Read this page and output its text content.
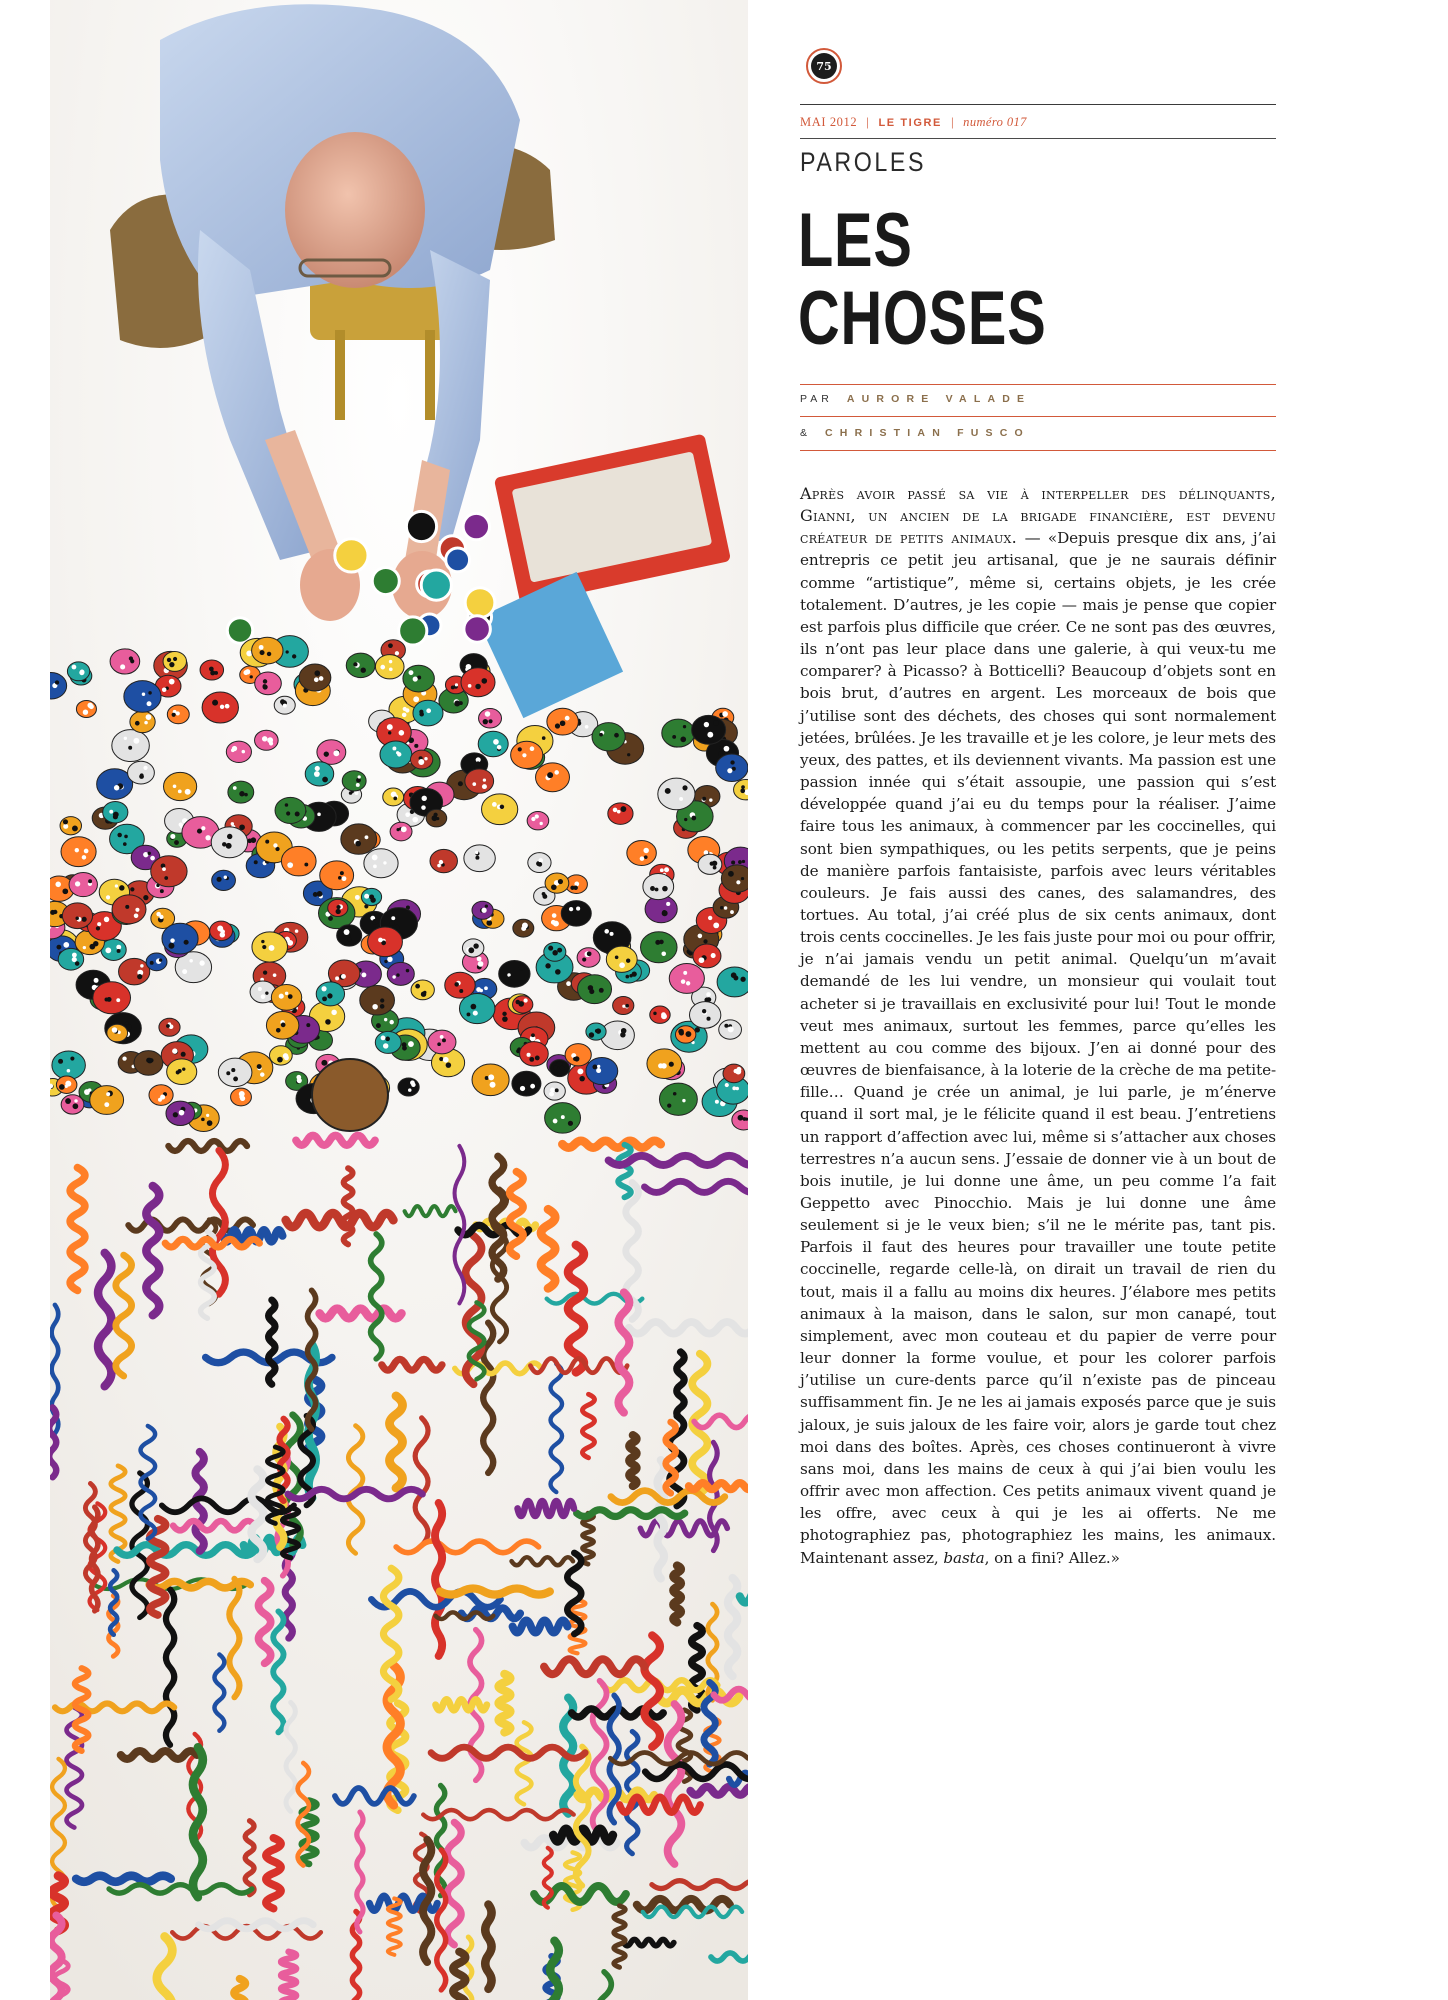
75
MAI 2012 | LE TIGRE | numéro 017
PAROLES
LES
CHOSES
PAR AURORE VALADE
& CHRISTIAN FUSCO

Après avoir passé sa vie à interpeller des délinquants, Gianni, un ancien de la brigade financière, est devenu créateur de petits animaux. — «Depuis presque dix ans, j’ai entrepris ce petit jeu artisanal, que je ne saurais définir comme “artistique”, même si, certains objets, je les crée totalement. D’autres, je les copie — mais je pense que copier est parfois plus difficile que créer. Ce ne sont pas des œuvres, ils n’ont pas leur place dans une galerie, à qui veux-tu me comparer? à Picasso? à Botticelli? Beaucoup d’objets sont en bois brut, d’autres en argent. Les morceaux de bois que j’utilise sont des déchets, des choses qui sont normalement jetées, brûlées. Je les travaille et je les colore, je leur mets des yeux, des pattes, et ils deviennent vivants. Ma passion est une passion innée qui s’était assoupie, une passion qui s’est développée quand j’ai eu du temps pour la réaliser. J’aime faire tous les animaux, à commencer par les coccinelles, qui sont bien sympathiques, ou les petits serpents, que je peins de manière parfois fantaisiste, parfois avec leurs véritables couleurs. Je fais aussi des canes, des salamandres, des tortues. Au total, j’ai créé plus de six cents animaux, dont trois cents coccinelles. Je les fais juste pour moi ou pour offrir, je n’ai jamais vendu un petit animal. Quelqu’un m’avait demandé de les lui vendre, un monsieur qui voulait tout acheter si je travaillais en exclusivité pour lui! Tout le monde veut mes animaux, surtout les femmes, parce qu’elles les mettent au cou comme des bijoux. J’en ai donné pour des œuvres de bienfaisance, à la loterie de la crèche de ma petite-fille… Quand je crée un animal, je lui parle, je m’énerve quand il sort mal, je le félicite quand il est beau. J’entretiens un rapport d’affection avec lui, même si s’attacher aux choses terrestres n’a aucun sens. J’essaie de donner vie à un bout de bois inutile, je lui donne une âme, un peu comme l’a fait Geppetto avec Pinocchio. Mais je lui donne une âme seulement si je le veux bien; s’il ne le mérite pas, tant pis. Parfois il faut des heures pour travailler une toute petite coccinelle, regarde celle-là, on dirait un travail de rien du tout, mais il a fallu au moins dix heures. J’élabore mes petits animaux à la maison, dans le salon, sur mon canapé, tout simplement, avec mon couteau et du papier de verre pour leur donner la forme voulue, et pour les colorer parfois j’utilise un cure-dents parce qu’il n’existe pas de pinceau suffisamment fin. Je ne les ai jamais exposés parce que je suis jaloux, je suis jaloux de les faire voir, alors je garde tout chez moi dans des boîtes. Après, ces choses continueront à vivre sans moi, dans les mains de ceux à qui j’ai bien voulu les offrir avec mon affection. Ces petits animaux vivent quand je les offre, avec ceux à qui je les ai offerts. Ne me photographiez pas, photographiez les mains, les animaux. Maintenant assez, basta, on a fini? Allez.»
